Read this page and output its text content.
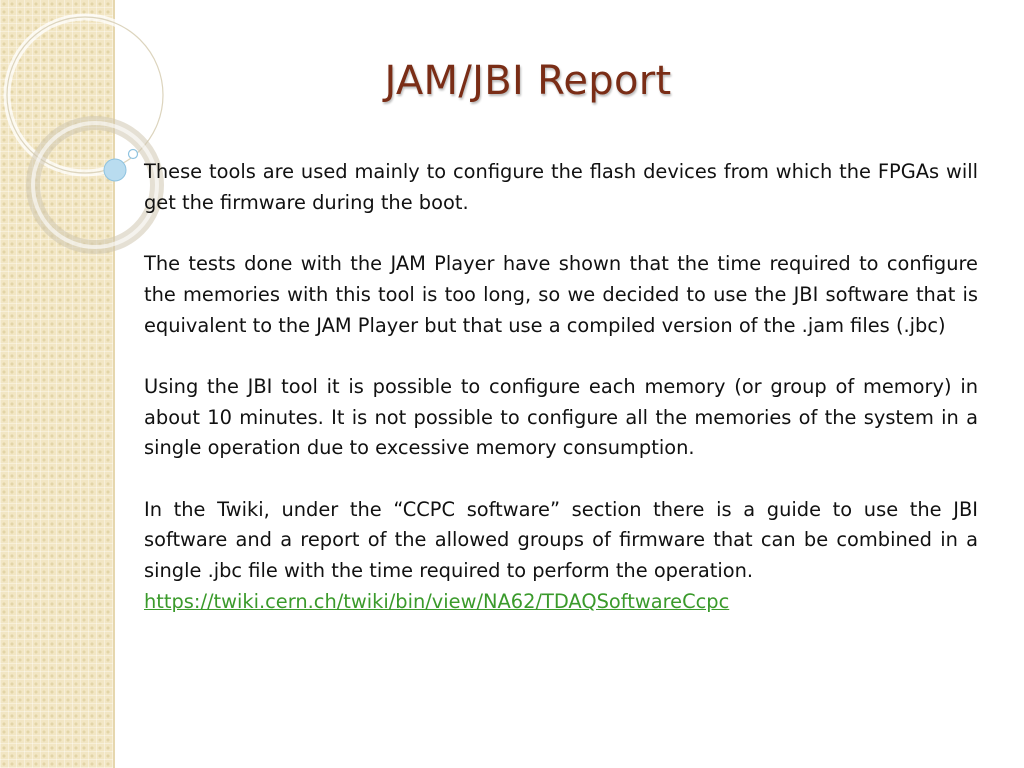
JAM/JBI Report

These tools are used mainly to configure the flash devices from which the FPGAs will get the firmware during the boot.

The tests done with the JAM Player have shown that the time required to configure the memories with this tool is too long, so we decided to use the JBI software that is equivalent to the JAM Player but that use a compiled version of the .jam files (.jbc)

Using the JBI tool it is possible to configure each memory (or group of memory) in about 10 minutes. It is not possible to configure all the memories of the system in a single operation due to excessive memory consumption.

In the Twiki, under the “CCPC software” section there is a guide to use the JBI software and a report of the allowed groups of firmware that can be combined in a single .jbc file with the time required to perform the operation.

https://twiki.cern.ch/twiki/bin/view/NA62/TDAQSoftwareCcpc
